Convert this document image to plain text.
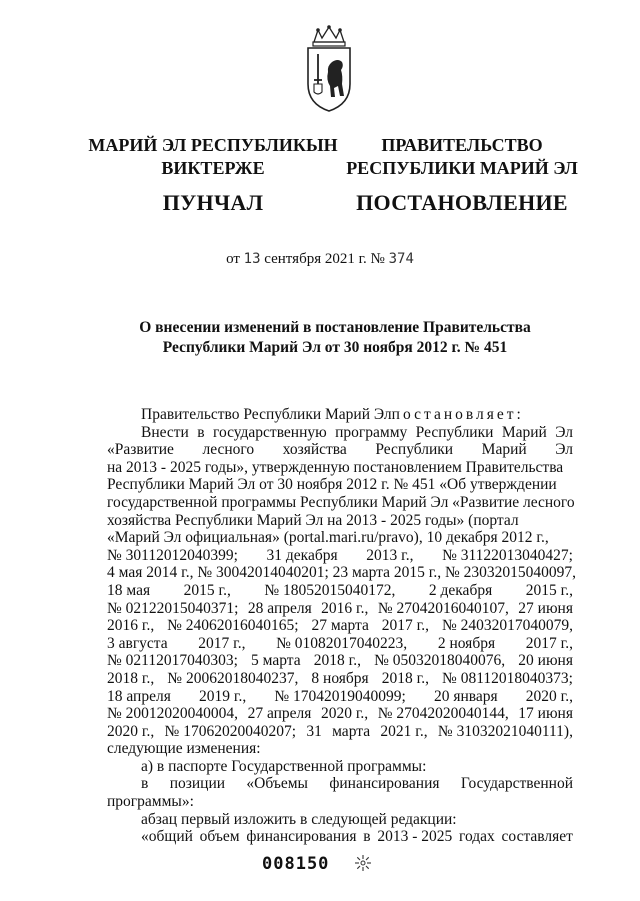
МАРИЙ ЭЛ РЕСПУБЛИКЫН
ВИКТЕРЖЕ
ПУНЧАЛ
ПРАВИТЕЛЬСТВО
РЕСПУБЛИКИ МАРИЙ ЭЛ
ПОСТАНОВЛЕНИЕ
от 13 сентября 2021 г. № 374
О внесении изменений в постановление Правительства
Республики Марий Эл от 30 ноября 2012 г. № 451
Правительство Республики Марий Эл постановляет:
Внести в государственную программу Республики Марий Эл
«Развитие лесного хозяйства Республики Марий Эл
на 2013 - 2025 годы», утвержденную постановлением Правительства
Республики Марий Эл от 30 ноября 2012 г. № 451 «Об утверждении
государственной программы Республики Марий Эл «Развитие лесного
хозяйства Республики Марий Эл на 2013 - 2025 годы» (портал
«Марий Эл официальная» (portal.mari.ru/pravo), 10 декабря 2012 г.,
№ 30112012040399; 31 декабря 2013 г., № 31122013040427;
4 мая 2014 г., № 30042014040201; 23 марта 2015 г., № 23032015040097,
18 мая 2015 г., № 18052015040172, 2 декабря 2015 г.,
№ 02122015040371; 28 апреля 2016 г., № 27042016040107, 27 июня
2016 г., № 24062016040165; 27 марта 2017 г., № 24032017040079,
3 августа 2017 г., № 01082017040223, 2 ноября 2017 г.,
№ 02112017040303; 5 марта 2018 г., № 05032018040076, 20 июня
2018 г., № 20062018040237, 8 ноября 2018 г., № 08112018040373;
18 апреля 2019 г., № 17042019040099; 20 января 2020 г.,
№ 20012020040004, 27 апреля 2020 г., № 27042020040144, 17 июня
2020 г., № 17062020040207; 31 марта 2021 г., № 31032021040111),
следующие изменения:
а) в паспорте Государственной программы:
в позиции «Объемы финансирования Государственной
программы»:
абзац первый изложить в следующей редакции:
«общий объем финансирования в 2013 - 2025 годах составляет
008150
